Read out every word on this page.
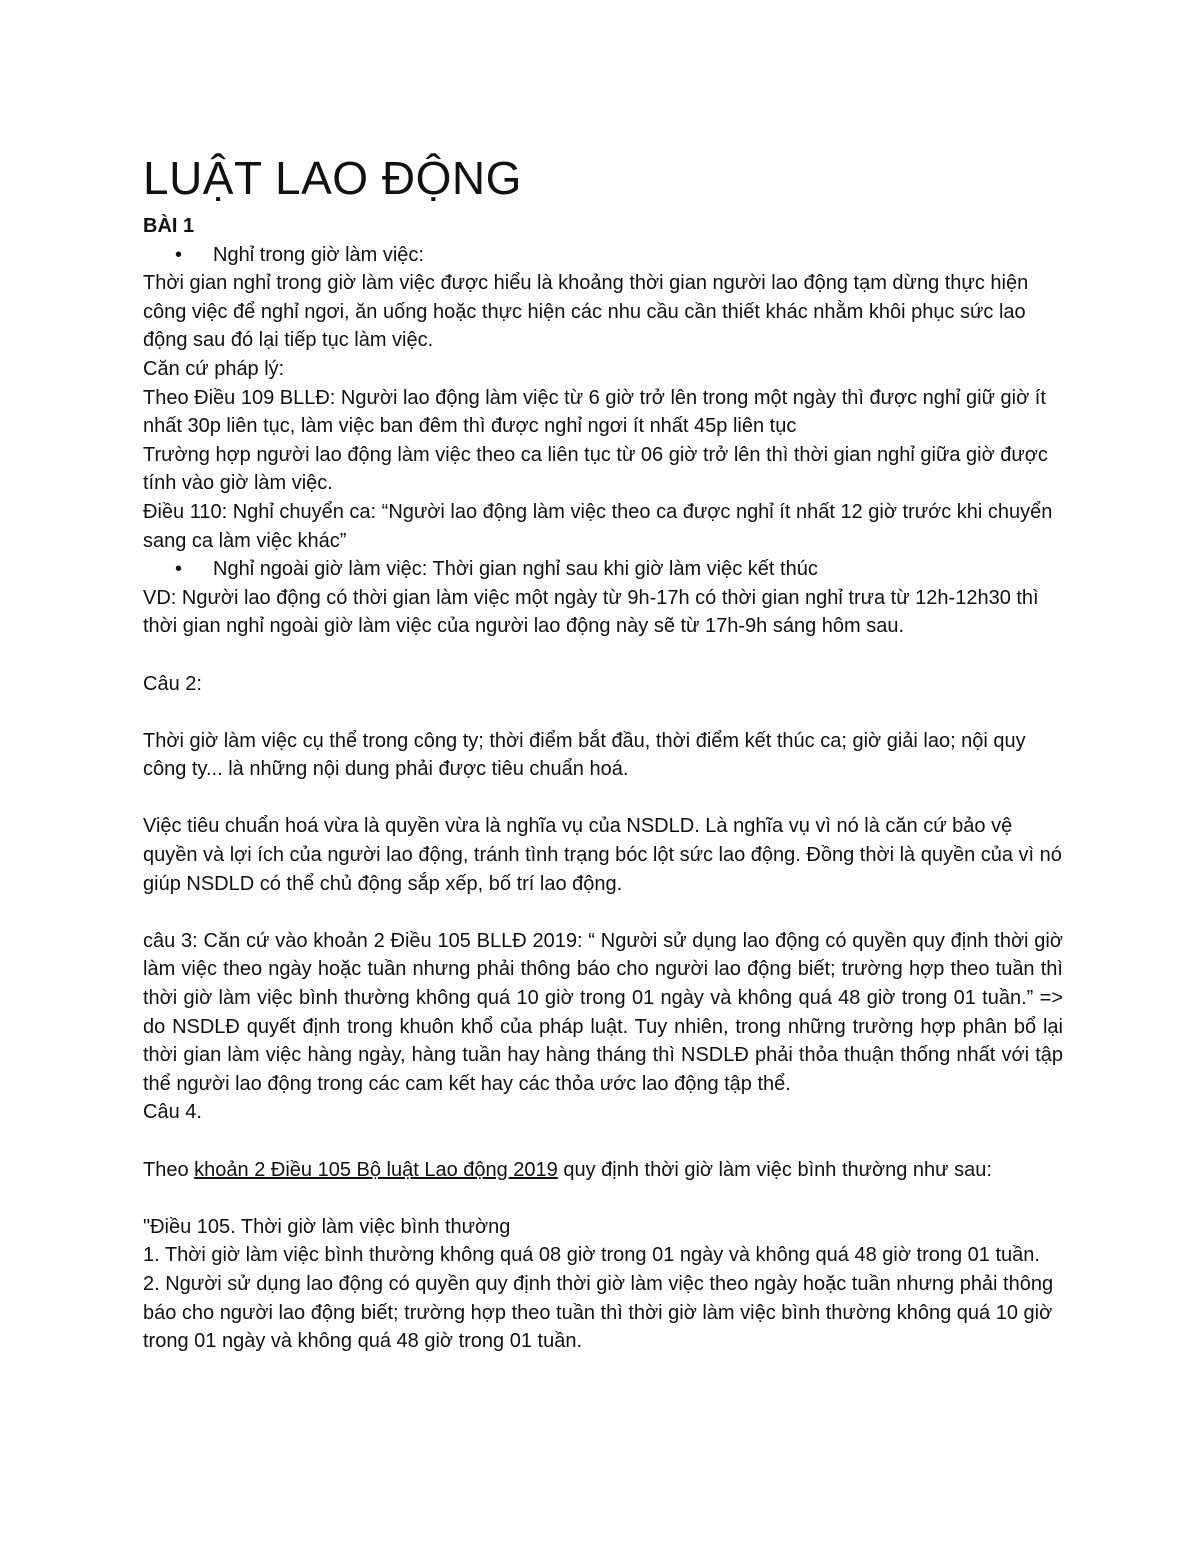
LUẬT LAO ĐỘNG

BÀI 1

• Nghỉ trong giờ làm việc:

Thời gian nghỉ trong giờ làm việc được hiểu là khoảng thời gian người lao động tạm dừng thực hiện công việc để nghỉ ngơi, ăn uống hoặc thực hiện các nhu cầu cần thiết khác nhằm khôi phục sức lao động sau đó lại tiếp tục làm việc.

Căn cứ pháp lý:

Theo Điều 109 BLLĐ: Người lao động làm việc từ 6 giờ trở lên trong một ngày thì được nghỉ giữ giờ ít nhất 30p liên tục, làm việc ban đêm thì được nghỉ ngơi ít nhất 45p liên tục

Trường hợp người lao động làm việc theo ca liên tục từ 06 giờ trở lên thì thời gian nghỉ giữa giờ được tính vào giờ làm việc.

Điều 110: Nghỉ chuyển ca: “Người lao động làm việc theo ca được nghỉ ít nhất 12 giờ trước khi chuyển sang ca làm việc khác”

• Nghỉ ngoài giờ làm việc: Thời gian nghỉ sau khi giờ làm việc kết thúc

VD: Người lao động có thời gian làm việc một ngày từ 9h-17h có thời gian nghỉ trưa từ 12h-12h30 thì thời gian nghỉ ngoài giờ làm việc của người lao động này sẽ từ 17h-9h sáng hôm sau.

Câu 2:

Thời giờ làm việc cụ thể trong công ty; thời điểm bắt đầu, thời điểm kết thúc ca; giờ giải lao; nội quy công ty... là những nội dung phải được tiêu chuẩn hoá.

Việc tiêu chuẩn hoá vừa là quyền vừa là nghĩa vụ của NSDLD. Là nghĩa vụ vì nó là căn cứ bảo vệ quyền và lợi ích của người lao động, tránh tình trạng bóc lột sức lao động. Đồng thời là quyền của vì nó giúp NSDLD có thể chủ động sắp xếp, bố trí lao động.

câu 3: Căn cứ vào khoản 2 Điều 105 BLLĐ 2019: “ Người sử dụng lao động có quyền quy định thời giờ làm việc theo ngày hoặc tuần nhưng phải thông báo cho người lao động biết; trường hợp theo tuần thì thời giờ làm việc bình thường không quá 10 giờ trong 01 ngày và không quá 48 giờ trong 01 tuần.” => do NSDLĐ quyết định trong khuôn khổ của pháp luật. Tuy nhiên, trong những trường hợp phân bổ lại thời gian làm việc hàng ngày, hàng tuần hay hàng tháng thì NSDLĐ phải thỏa thuận thống nhất với tập thể người lao động trong các cam kết hay các thỏa ước lao động tập thể.

Câu 4.

Theo khoản 2 Điều 105 Bộ luật Lao động 2019 quy định thời giờ làm việc bình thường như sau:

"Điều 105. Thời giờ làm việc bình thường

1. Thời giờ làm việc bình thường không quá 08 giờ trong 01 ngày và không quá 48 giờ trong 01 tuần.

2. Người sử dụng lao động có quyền quy định thời giờ làm việc theo ngày hoặc tuần nhưng phải thông báo cho người lao động biết; trường hợp theo tuần thì thời giờ làm việc bình thường không quá 10 giờ trong 01 ngày và không quá 48 giờ trong 01 tuần.
